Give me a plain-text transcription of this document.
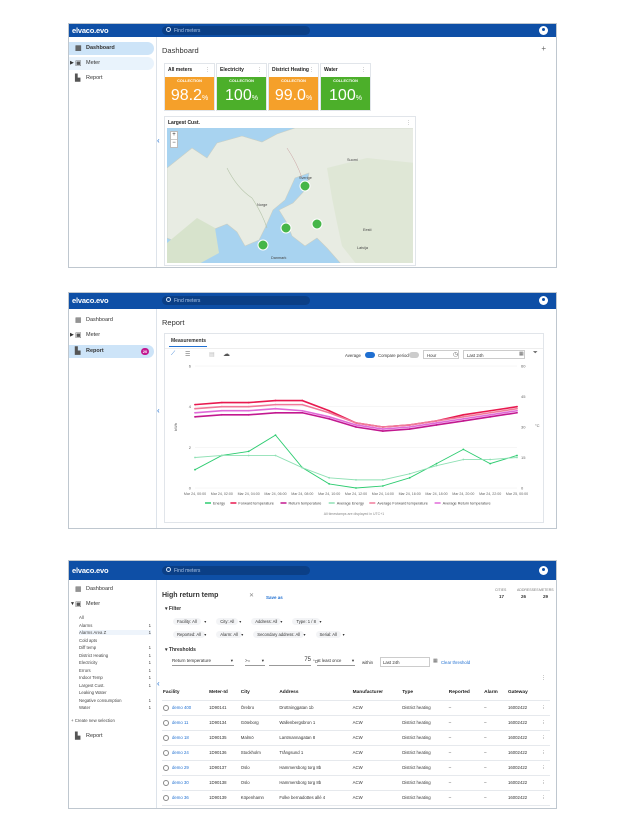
elvaco.evo	Find meters
▦ Dashboard
▶ ▣ Meter
▙ Report
‹
Dashboard	+
All meters	⋮
COLLECTION
98.2%
Electricity	⋮
COLLECTION
100%
District Heating ⋮
COLLECTION
99.0%
Water	⋮
COLLECTION
100%
Largest Cust.	⋮
Sverige
Suomi
Norge
Eesti
Latvija
Danmark
+
−
elvaco.evo	Find meters
▦ Dashboard
▶ ▣ Meter
▙ Report	20
‹
Report
Measurements
⟋ ☰	▤ ☁	Average	Compare period	Hour	◷	Last 24h	▦ ⏷
0
2
4
6
0
15
30
45
60
kWh	°C
Mar 24, 00:00 Mar 24, 02:00 Mar 24, 04:00 Mar 24, 06:00 Mar 24, 08:00 Mar 24, 10:00 Mar 24, 12:00 Mar 24, 14:00 Mar 24, 16:00 Mar 24, 18:00 Mar 24, 20:00 Mar 24, 22:00 Mar 25, 00:00
Energy	Forward temperature	Return temperature	Average Energy	Average Forward temperature	Average Return temperature
All timestamps are displayed in UTC+1
elvaco.evo	Find meters
▦ Dashboard
▼ ▣ Meter
All
Alarms	1
Alarms Area Z	1
Cold apts
Diff temp	1
District Heating	1
Electricity	1
Errors	1
Indoor Temp	1
Largest Cust.	1
Leaking Water
Negative consumption	1
Water	1
+ Create new selection
▙ Report
‹
High return temp	✕	Save as
CITIES
17
ADDRESSES
26
METERS
29
▾ Filter
Facility: All	▾	City: All	▾	Address: All ▾	Type: 1 / 8 ▾
Reported: All ▾	Alarm: All ▾	Secondary address: All ▾	Serial: All	▾
▾ Thresholds
Return temperature	▾	>=	▾	75 °C at least once ▾ within	Last 24h	▦ Clear threshold
⋮
Facility	Meter-Id	City	Address	Manufacturer	Type	Reported	Alarm	Gateway	
demo 400	1D90141	Örebro	Drottninggatan 1b	ACW	District heating	–	–	16002422	⋮
demo 11	1D90134	Göteborg	Wallenbergsbron 1	ACW	District heating	–	–	16002422	⋮
demo 18	1D90135	Malmö	Lantmannagatan 8	ACW	District heating	–	–	16002422	⋮
demo 24	1D90136	Stockholm	Trångsund 1	ACW	District heating	–	–	16002422	⋮
demo 29	1D90137	Oslo	Hammersborg torg 8b	ACW	District heating	–	–	16002422	⋮
demo 30	1D90138	Oslo	Hammersborg torg 8b	ACW	District heating	–	–	16002422	⋮
demo 36	1D90139	Köpenhamn	Folke bernadottes allé 4	ACW	District heating	–	–	16002422	⋮
